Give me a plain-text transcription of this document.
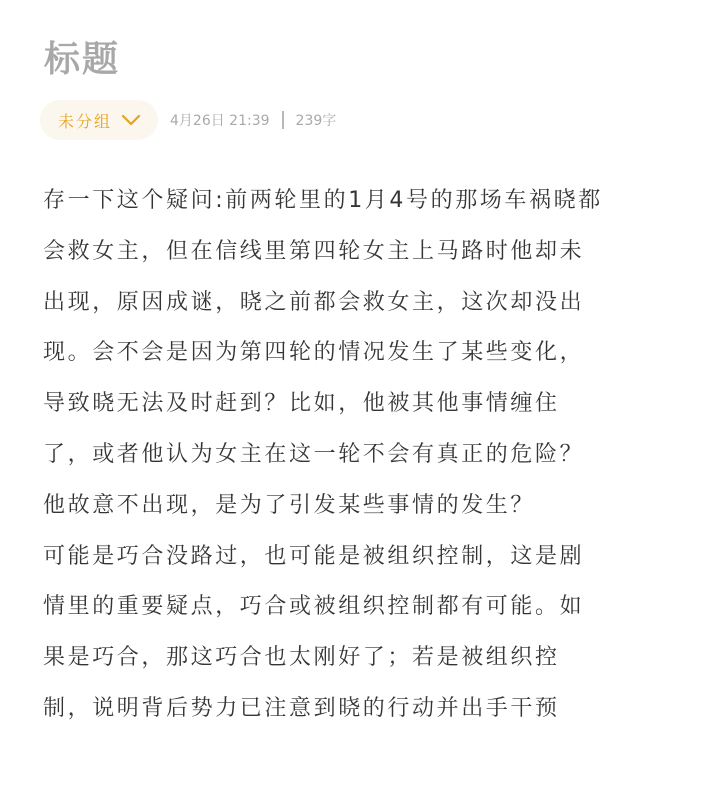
标题
未分组	4月26日 21:39 239字

存一下这个疑问:前两轮里的1月4号的那场车祸晓都

会救女主，但在信线里第四轮女主上马路时他却未

出现，原因成谜，晓之前都会救女主，这次却没出

现。会不会是因为第四轮的情况发生了某些变化，

导致晓无法及时赶到？比如，他被其他事情缠住

了，或者他认为女主在这一轮不会有真正的危险？

他故意不出现，是为了引发某些事情的发生？

可能是巧合没路过，也可能是被组织控制，这是剧

情里的重要疑点，巧合或被组织控制都有可能。如

果是巧合，那这巧合也太刚好了；若是被组织控

制，说明背后势力已注意到晓的行动并出手干预
